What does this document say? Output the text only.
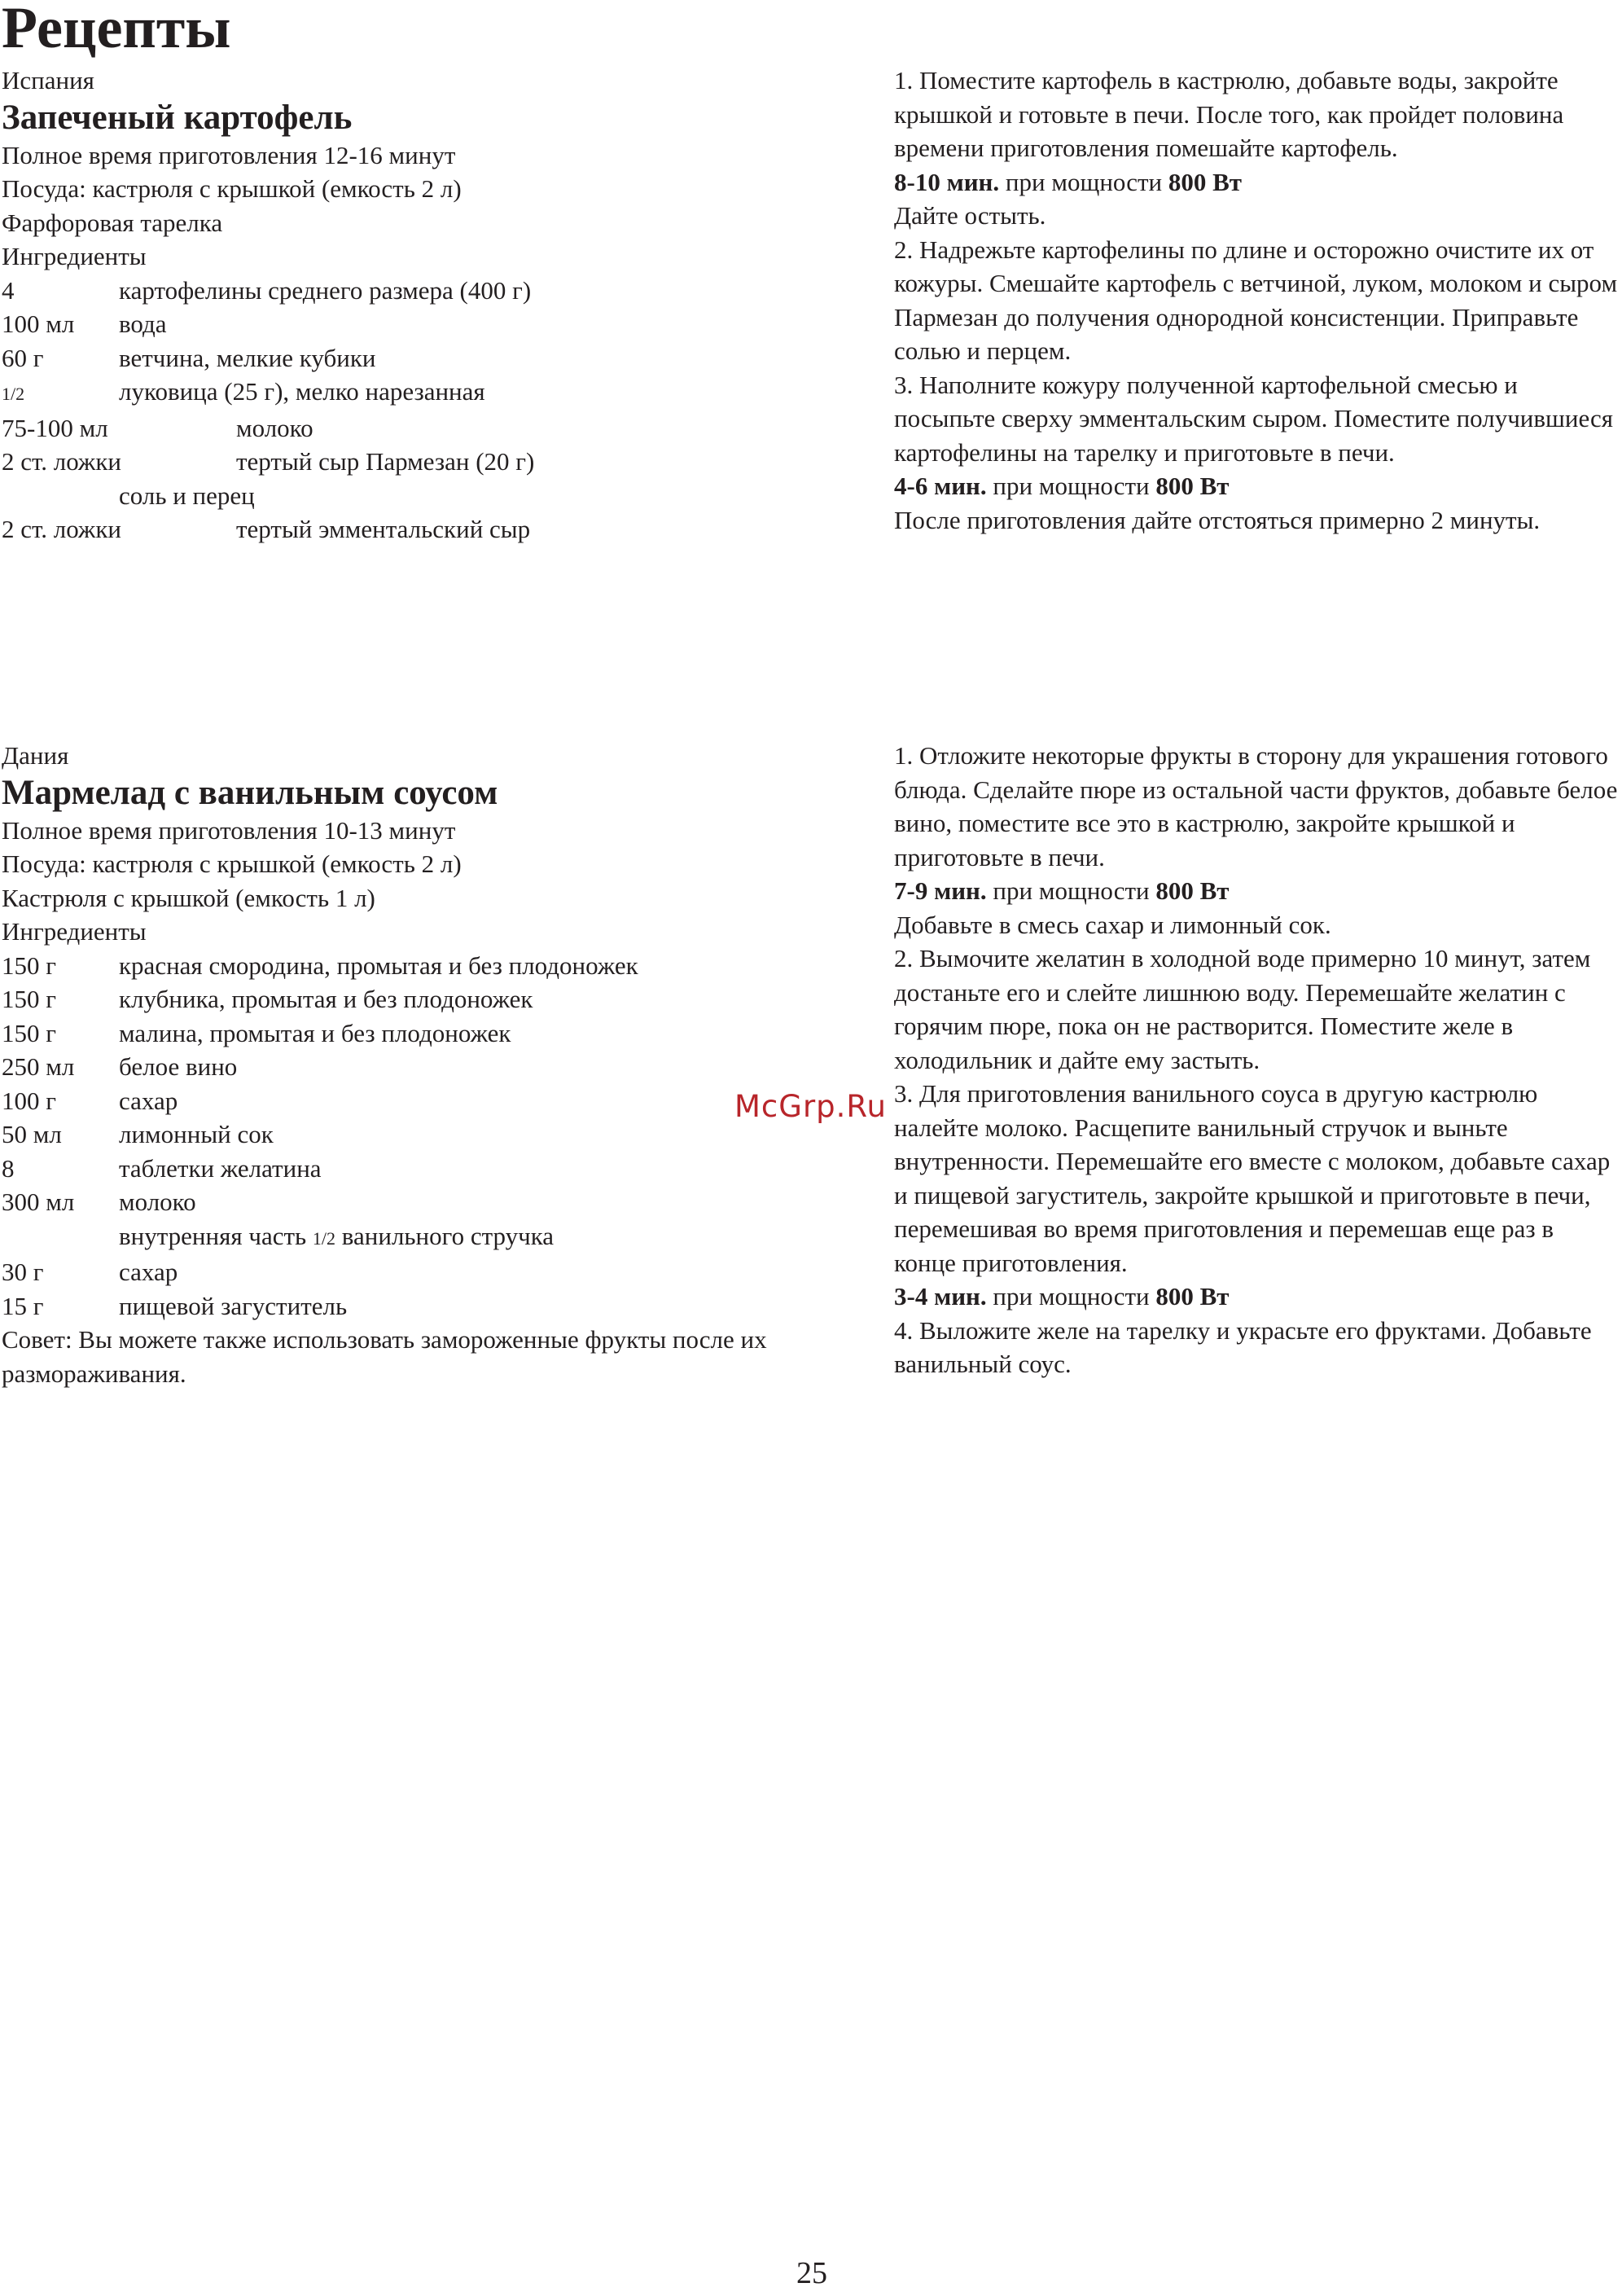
Рецепты

Испания

Запеченый картофель

Полное время приготовления 12-16 минут

Посуда: кастрюля с крышкой (емкость 2 л)

Фарфоровая тарелка

Ингредиенты

4	картофелины среднего размера (400 г)

100 мл	вода

60 г	ветчина, мелкие кубики

1/2	луковица (25 г), мелко нарезанная

75-100 мл	молоко

2 ст. ложки	тертый сыр Пармезан (20 г)

соль и перец

2 ст. ложки	тертый эмментальский сыр

1. Поместите картофель в кастрюлю, добавьте воды, закройте крышкой и готовьте в печи. После того, как пройдет половина времени приготовления помешайте картофель.

8-10 мин. при мощности 800 Вт

Дайте остыть.

2. Надрежьте картофелины по длине и осторожно очистите их от кожуры. Смешайте картофель с ветчиной, луком, молоком и сыром Пармезан до получения однородной консистенции. Приправьте солью и перцем.

3. Наполните кожуру полученной картофельной смесью и посыпьте сверху эмментальским сыром. Поместите получившиеся картофелины на тарелку и приготовьте в печи.

4-6 мин. при мощности 800 Вт

После приготовления дайте отстояться примерно 2 минуты.

Дания

Мармелад с ванильным соусом

Полное время приготовления 10-13 минут

Посуда: кастрюля с крышкой (емкость 2 л)

Кастрюля с крышкой (емкость 1 л)

Ингредиенты

150 г	красная смородина, промытая и без плодоножек

150 г	клубника, промытая и без плодоножек

150 г	малина, промытая и без плодоножек

250 мл	белое вино

100 г	сахар

50 мл	лимонный сок

8	таблетки желатина

300 мл	молоко

внутренняя часть 1/2 ванильного стручка

30 г	сахар

15 г	пищевой загуститель

Совет: Вы можете также использовать замороженные фрукты после их размораживания.

1. Отложите некоторые фрукты в сторону для украшения готового блюда. Сделайте пюре из остальной части фруктов, добавьте белое вино, поместите все это в кастрюлю, закройте крышкой и приготовьте в печи.

7-9 мин. при мощности 800 Вт

Добавьте в смесь сахар и лимонный сок.

2. Вымочите желатин в холодной воде примерно 10 минут, затем достаньте его и слейте лишнюю воду. Перемешайте желатин с горячим пюре, пока он не растворится. Поместите желе в холодильник и дайте ему застыть.

3. Для приготовления ванильного соуса в другую кастрюлю налейте молоко. Расщепите ванильный стручок и выньте внутренности. Перемешайте его вместе с молоком, добавьте сахар и пищевой загуститель, закройте крышкой и приготовьте в печи, перемешивая во время приготовления и перемешав еще раз в конце приготовления.

3-4 мин. при мощности 800 Вт

4. Выложите желе на тарелку и украсьте его фруктами. Добавьте ванильный соус.

McGrp.Ru
25
